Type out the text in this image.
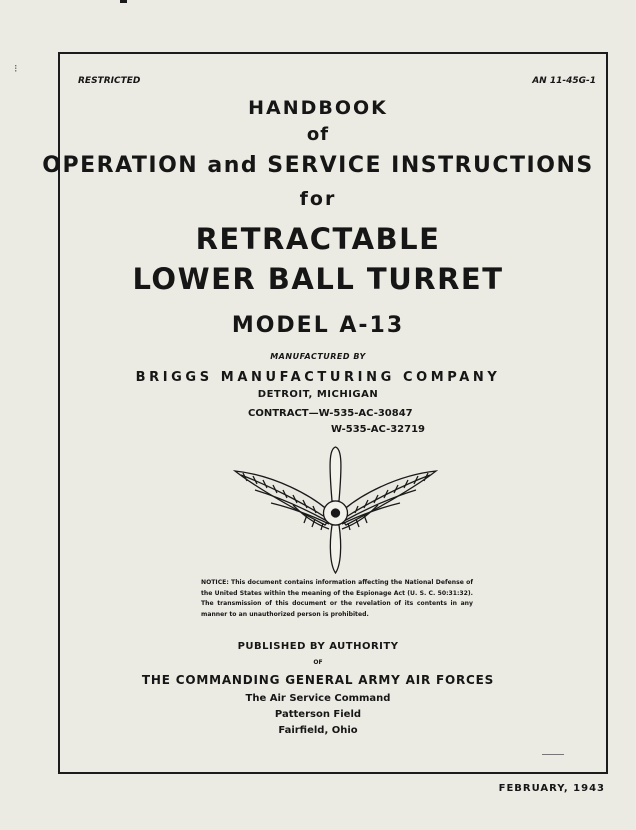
⁝
RESTRICTED	AN 11-45G-1
HANDBOOK
of
OPERATION and SERVICE INSTRUCTIONS
for
RETRACTABLE
LOWER BALL TURRET
MODEL A-13
MANUFACTURED BY
BRIGGS MANUFACTURING COMPANY
DETROIT, MICHIGAN
CONTRACT—W-535-AC-30847
W-535-AC-32719
NOTICE: This document contains information affecting the National Defense of the United States within the meaning of the Espionage Act (U. S. C. 50:31:32). The transmission of this document or the revelation of its contents in any manner to an unauthorized person is prohibited.
PUBLISHED BY AUTHORITY
OF
THE COMMANDING GENERAL ARMY AIR FORCES
The Air Service Command
Patterson Field
Fairfield, Ohio
FEBRUARY, 1943
